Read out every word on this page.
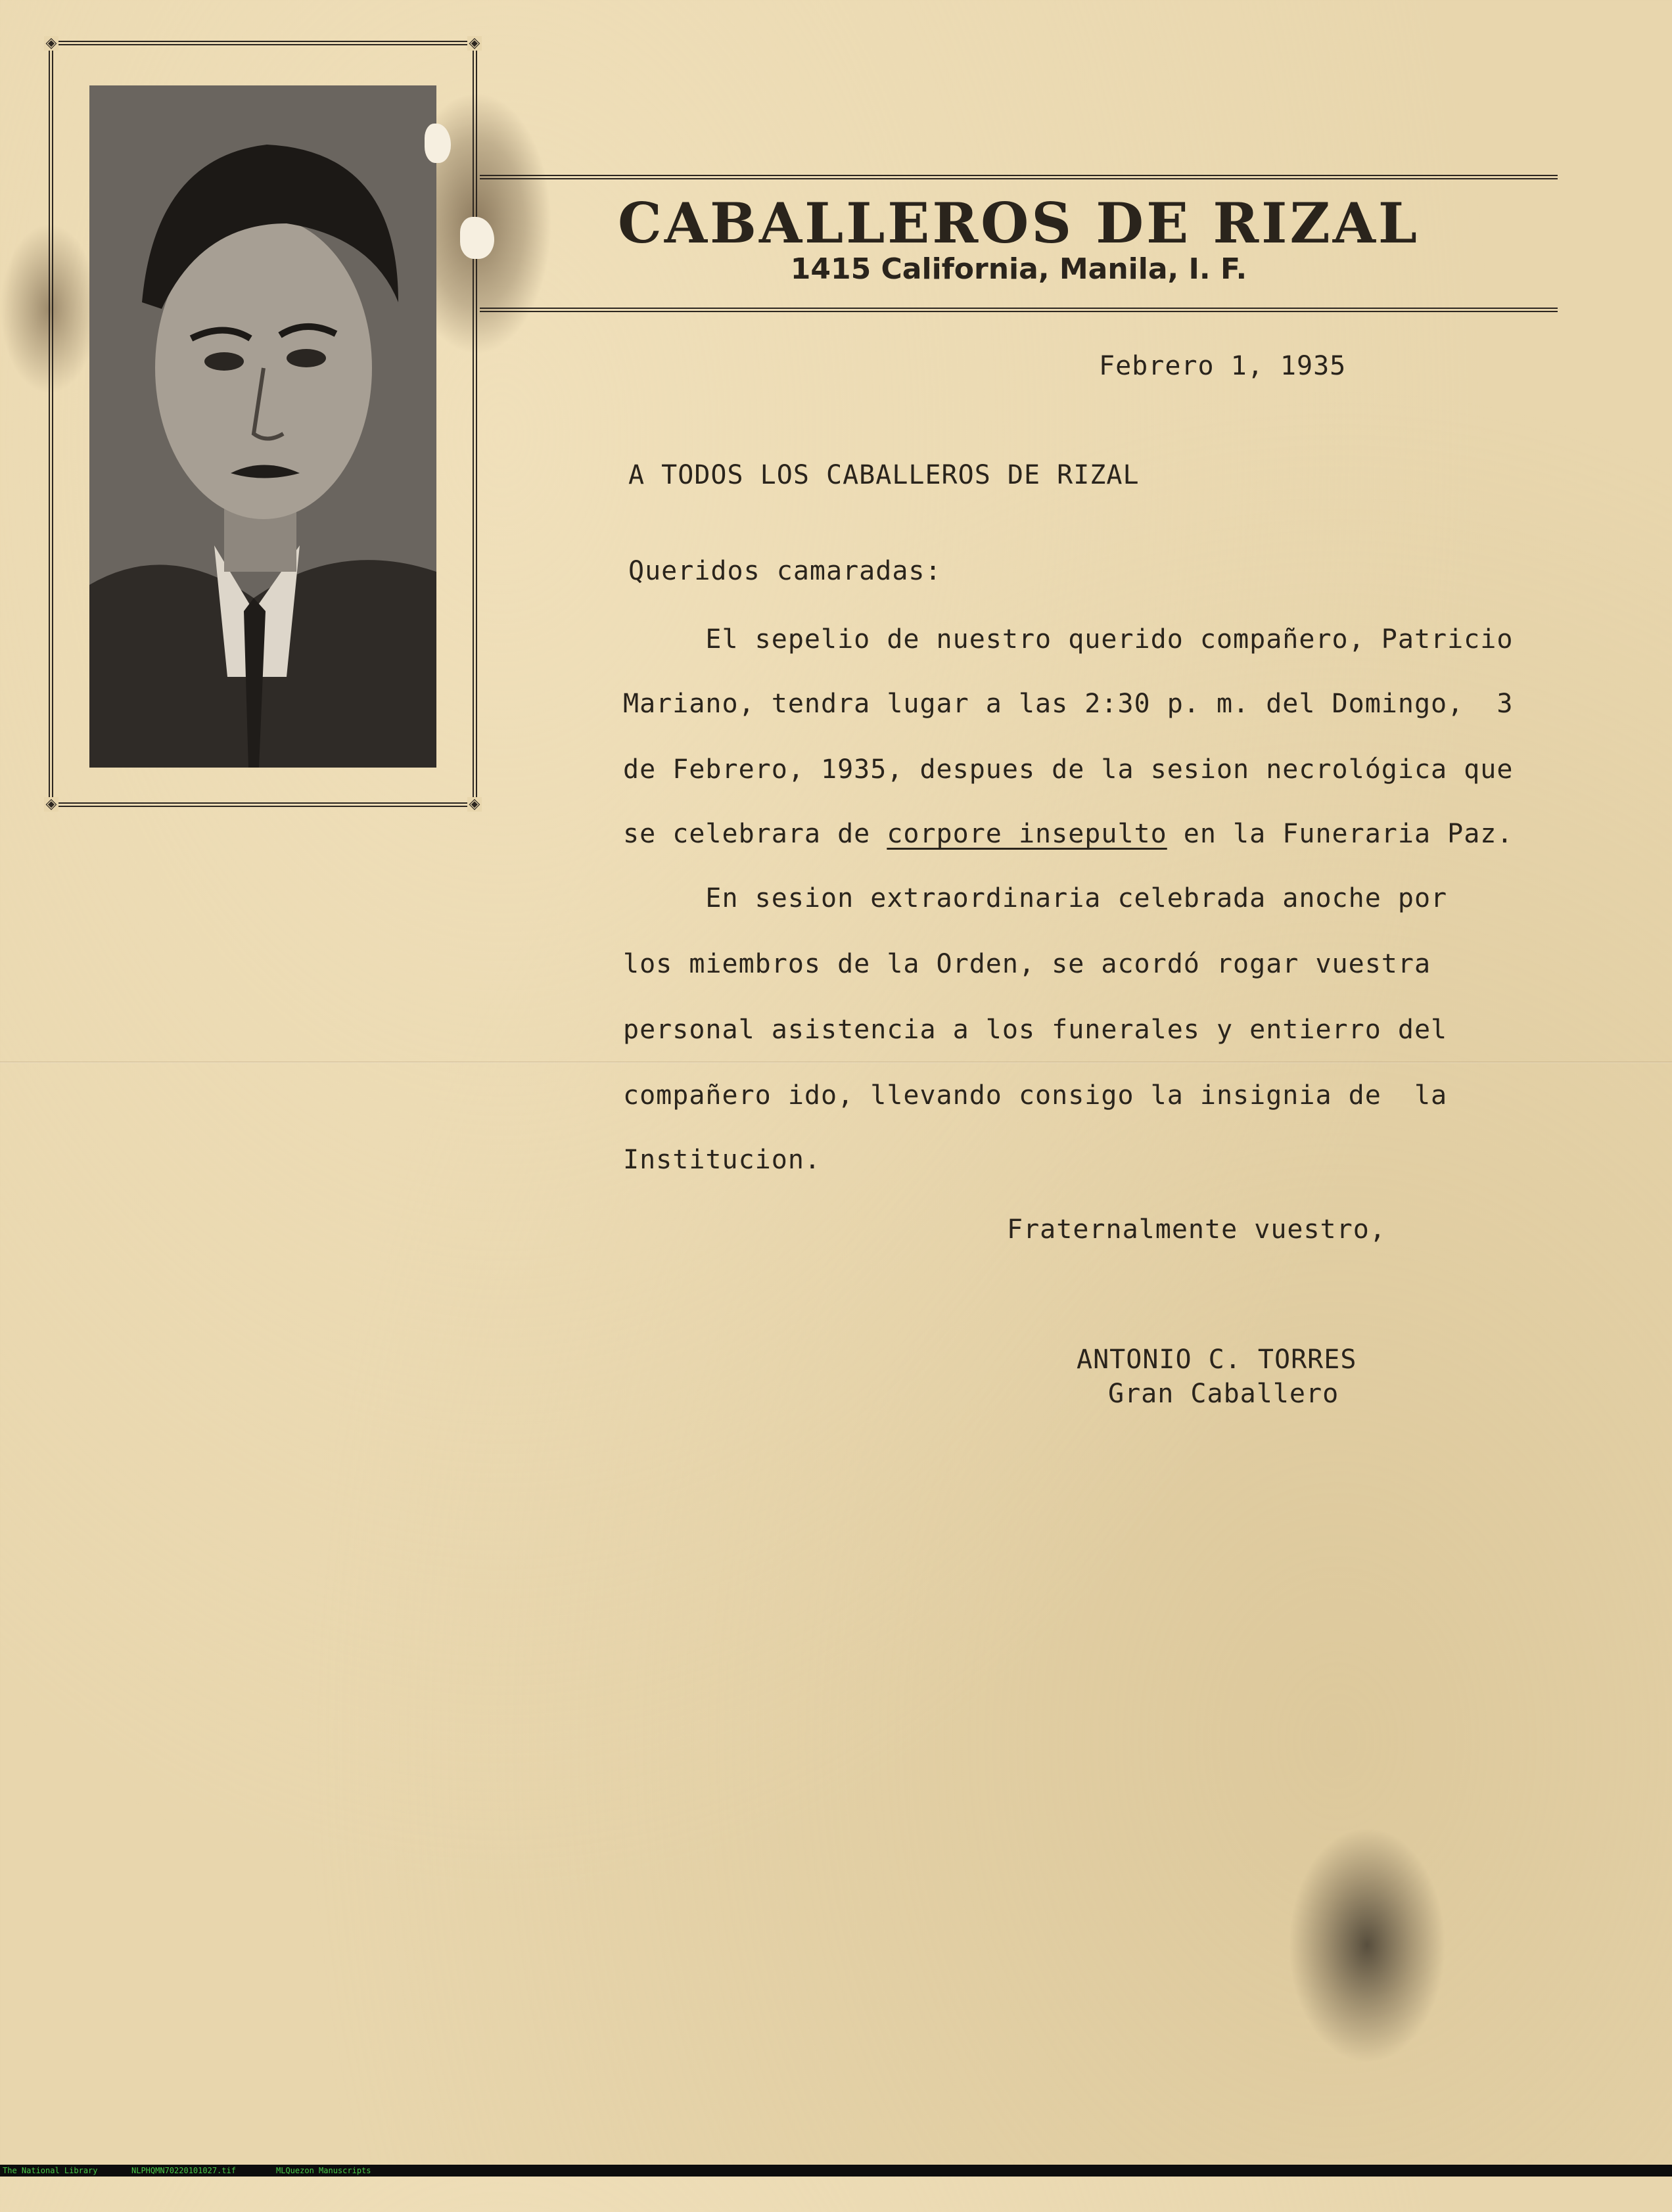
◈	◈
◈	◈
CABALLEROS DE RIZAL
1415 California, Manila, I. F.
Febrero 1, 1935
A TODOS LOS CABALLEROS DE RIZAL
Queridos camaradas:
El sepelio de nuestro querido compañero, Patricio
Mariano, tendra lugar a las 2:30 p. m. del Domingo,  3
de Febrero, 1935, despues de la sesion necrológica que
se celebrara de corpore insepulto en la Funeraria Paz.
En sesion extraordinaria celebrada anoche por
los miembros de la Orden, se acordó rogar vuestra
personal asistencia a los funerales y entierro del
compañero ido, llevando consigo la insignia de  la
Institucion.
Fraternalmente vuestro,
ANTONIO C. TORRES
Gran Caballero

The National Library

	NLPHQMN70220101027.tif

	MLQuezon Manuscripts
